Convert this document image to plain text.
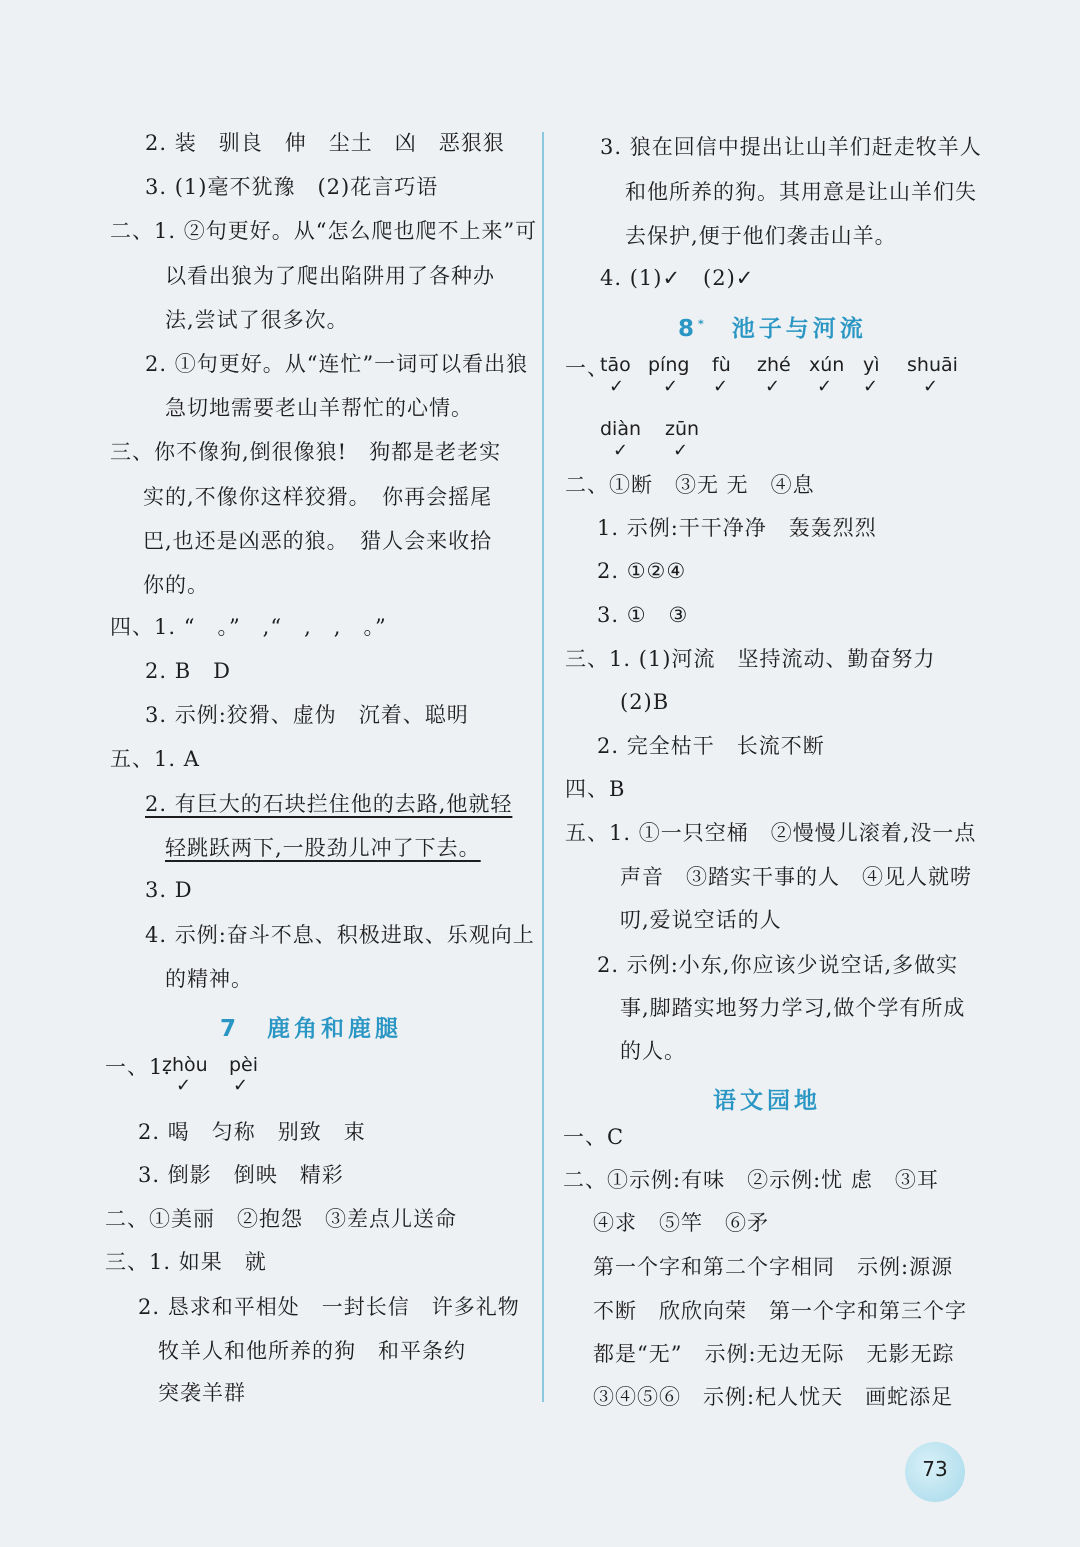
2. 装　驯良　伸　尘土　凶　恶狠狠
3. (1)毫不犹豫　(2)花言巧语
二、1. ②句更好。从“怎么爬也爬不上来”可
以看出狼为了爬出陷阱用了各种办
法,尝试了很多次。
2. ①句更好。从“连忙”一词可以看出狼
急切地需要老山羊帮忙的心情。
三、你不像狗,倒很像狼!　狗都是老老实
实的,不像你这样狡猾。　你再会摇尾
巴,也还是凶恶的狼。　猎人会来收拾
你的。
四、1. “　。”　,“　,　,　。”
2. B　D
3. 示例:狡猾、虚伪　沉着、聪明
五、1. A
2. 有巨大的石块拦住他的去路,他就轻
轻跳跃两下,一股劲儿冲了下去。
3. D
4. 示例:奋斗不息、积极进取、乐观向上
的精神。
7　鹿角和鹿腿
一、1.
zhòu pèi
✓ ✓
2. 喝　匀称　别致　束
3. 倒影　倒映　精彩
二、①美丽　②抱怨　③差点儿送命
三、1. 如果　就
2. 恳求和平相处　一封长信　许多礼物
牧羊人和他所养的狗　和平条约
突袭羊群
3. 狼在回信中提出让山羊们赶走牧羊人
和他所养的狗。其用意是让山羊们失
去保护,便于他们袭击山羊。
4. (1)✓　(2)✓
8* 池子与河流
一、
tāo píng fù zhé xún yì shuāi
✓ ✓ ✓ ✓ ✓ ✓ ✓
diàn zūn
✓ ✓
二、①断　③无 无　④息
1. 示例:干干净净　轰轰烈烈
2. ①②④
3. ①　③
三、1. (1)河流　坚持流动、勤奋努力
(2)B
2. 完全枯干　长流不断
四、B
五、1. ①一只空桶　②慢慢儿滚着,没一点
声音　③踏实干事的人　④见人就唠
叨,爱说空话的人
2. 示例:小东,你应该少说空话,多做实
事,脚踏实地努力学习,做个学有所成
的人。
语文园地
一、C
二、①示例:有味　②示例:忧 虑　③耳
④求　⑤竿　⑥矛
第一个字和第二个字相同　示例:源源
不断　欣欣向荣　第一个字和第三个字
都是“无”　示例:无边无际　无影无踪
③④⑤⑥　示例:杞人忧天　画蛇添足
73
